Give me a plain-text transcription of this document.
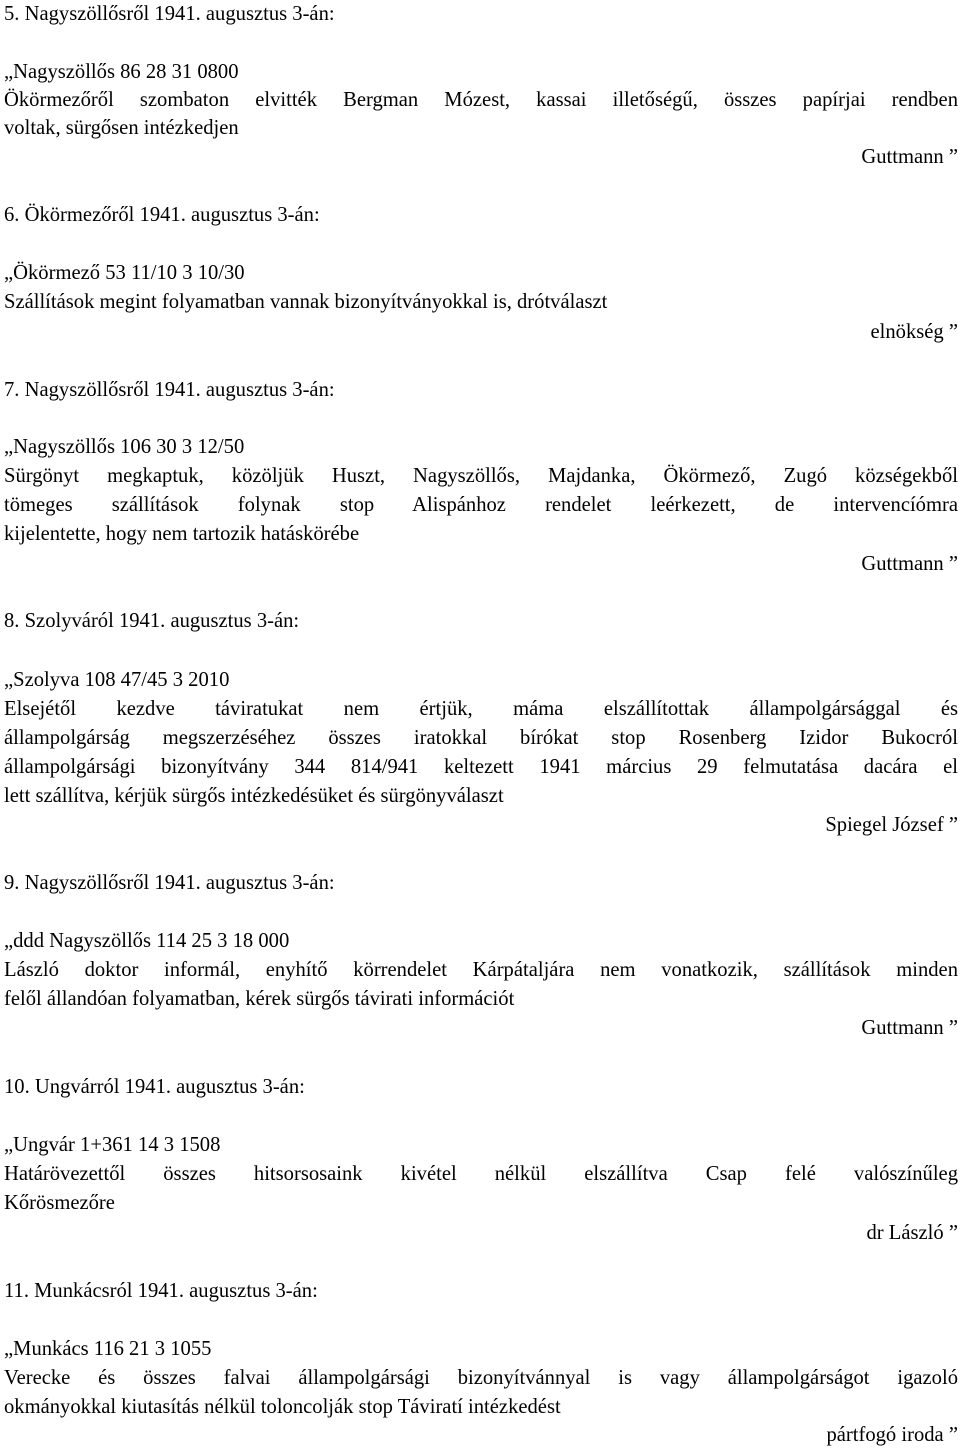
5. Nagyszöllősről 1941. augusztus 3-án:
„Nagyszöllős 86 28 31 0800
Ökörmezőről szombaton elvitték Bergman Mózest, kassai illetőségű, összes papírjai rendben
voltak, sürgősen intézkedjen
Guttmann ”
6. Ökörmezőről 1941. augusztus 3-án:
„Ökörmező 53 11/10 3 10/30
Szállítások megint folyamatban vannak bizonyítványokkal is, drótválaszt
elnökség ”
7. Nagyszöllősről 1941. augusztus 3-án:
„Nagyszöllős 106 30 3 12/50
Sürgönyt megkaptuk, közöljük Huszt, Nagyszöllős, Majdanka, Ökörmező, Zugó községekből
tömeges szállítások folynak stop Alispánhoz rendelet leérkezett, de intervencíómra
kijelentette, hogy nem tartozik hatáskörébe
Guttmann ”
8. Szolyváról 1941. augusztus 3-án:
„Szolyva 108 47/45 3 2010
Elsejétől kezdve táviratukat nem értjük, máma elszállítottak állampolgársággal és
állampolgárság megszerzéséhez összes iratokkal bírókat stop Rosenberg Izidor Bukocról
állampolgársági bizonyítvány 344 814/941 keltezett 1941 március 29 felmutatása dacára el
lett szállítva, kérjük sürgős intézkedésüket és sürgönyválaszt
Spiegel József ”
9. Nagyszöllősről 1941. augusztus 3-án:
„ddd Nagyszöllős 114 25 3 18 000
László doktor informál, enyhítő körrendelet Kárpátaljára nem vonatkozik, szállítások minden
felől állandóan folyamatban, kérek sürgős távirati információt
Guttmann ”
10. Ungvárról 1941. augusztus 3-án:
„Ungvár 1+361 14 3 1508
Határövezettől összes hitsorsosaink kivétel nélkül elszállítva Csap felé valószínűleg
Kőrösmezőre
dr László ”
11. Munkácsról 1941. augusztus 3-án:
„Munkács 116 21 3 1055
Verecke és összes falvai állampolgársági bizonyítvánnyal is vagy állampolgárságot igazoló
okmányokkal kiutasítás nélkül toloncolják stop Táviratí intézkedést
pártfogó iroda ”
